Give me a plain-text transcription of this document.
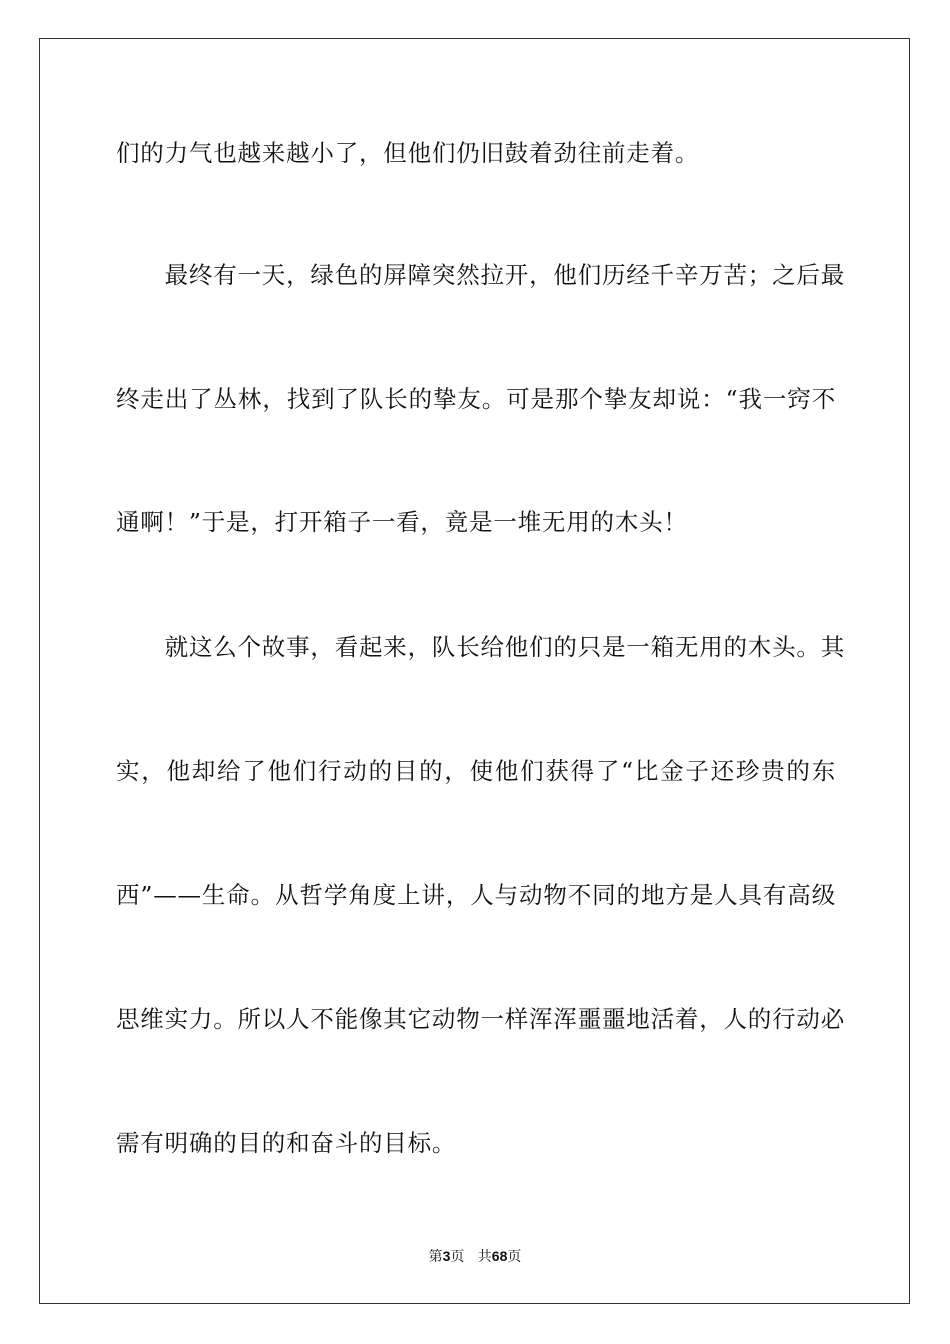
们的力气也越来越小了，但他们仍旧鼓着劲往前走着。
　　最终有一天，绿色的屏障突然拉开，他们历经千辛万苦；之后最
终走出了丛林，找到了队长的挚友。可是那个挚友却说：“我一窍不
通啊！”于是，打开箱子一看，竟是一堆无用的木头！
　　就这么个故事，看起来，队长给他们的只是一箱无用的木头。其
实，他却给了他们行动的目的，使他们获得了“比金子还珍贵的东
西”——生命。从哲学角度上讲，人与动物不同的地方是人具有高级
思维实力。所以人不能像其它动物一样浑浑噩噩地活着，人的行动必
需有明确的目的和奋斗的目标。
第3页 共68页
